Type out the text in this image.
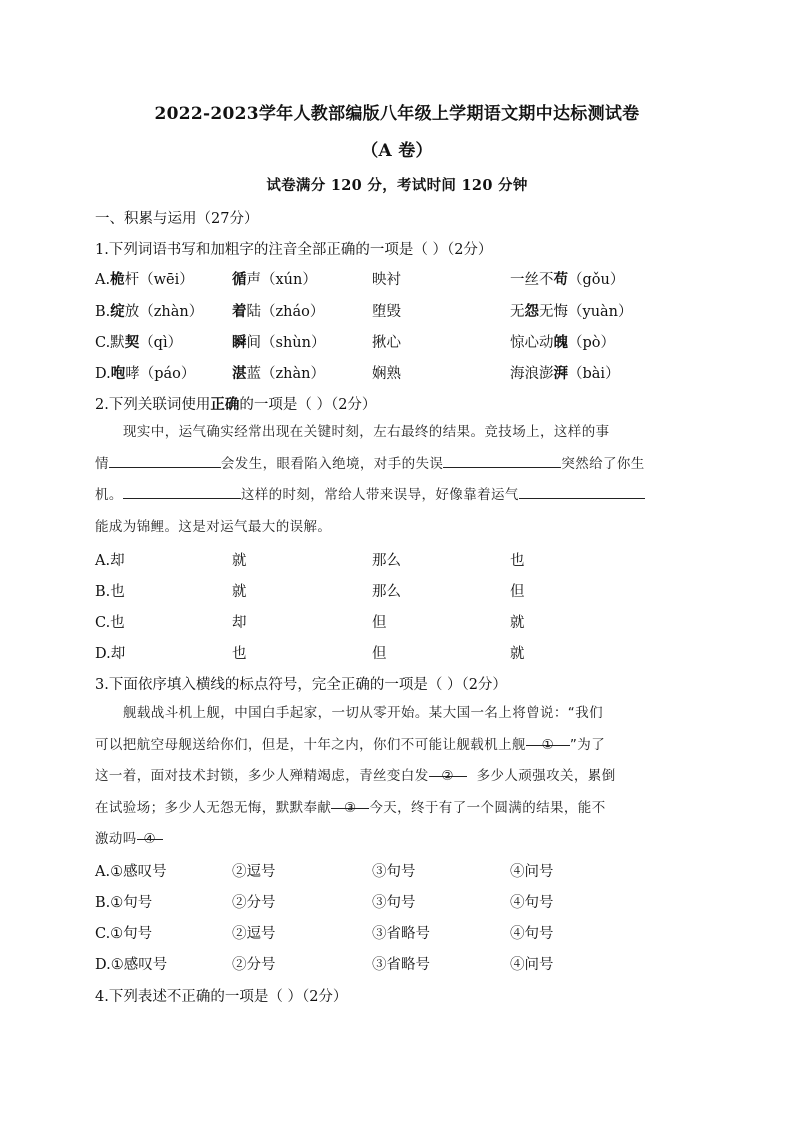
2022-2023学年人教部编版八年级上学期语文期中达标测试卷
（A 卷）
试卷满分 120 分，考试时间 120 分钟
一、积累与运用（27分）
1.下列词语书写和加粗字的注音全部正确的一项是（ ）（2分）
A.桅杆（wēi）	循声（xún）	映衬	一丝不苟（gǒu）
B.绽放（zhàn） 着陆（zháo）	堕毁	无怨无悔（yuàn）
C.默契（qì）	瞬间（shùn）	揪心	惊心动魄（pò）
D.咆哮（páo）	湛蓝（zhàn）	娴熟	海浪澎湃（bài）
2.下列关联词使用正确的一项是（ ）（2分）
现实中，运气确实经常出现在关键时刻，左右最终的结果。竞技场上，这样的事
情	会发生，眼看陷入绝境，对手的失误	突然给了你生
机。	这样的时刻，常给人带来误导，好像靠着运气
能成为锦鲤。这是对运气最大的误解。
A.却	就	那么	也
B.也	就	那么	但
C.也	却	但	就
D.却	也	但	就
3.下面依序填入横线的标点符号，完全正确的一项是（ ）（2分）
舰载战斗机上舰，中国白手起家，一切从零开始。某大国一名上将曾说：“我们
可以把航空母舰送给你们，但是，十年之内，你们不可能让舰载机上舰 ① ”为了
这一着，面对技术封锁，多少人殚精竭虑，青丝变白发 ② 多少人顽强攻关，累倒
在试验场；多少人无怨无悔，默默奉献 ③ 今天，终于有了一个圆满的结果，能不
激动吗 ④
A.①感叹号	②逗号	③句号	④问号
B.①句号	②分号	③句号	④句号
C.①句号	②逗号	③省略号	④句号
D.①感叹号	②分号	③省略号	④问号
4.下列表述不正确的一项是（ ）（2分）
